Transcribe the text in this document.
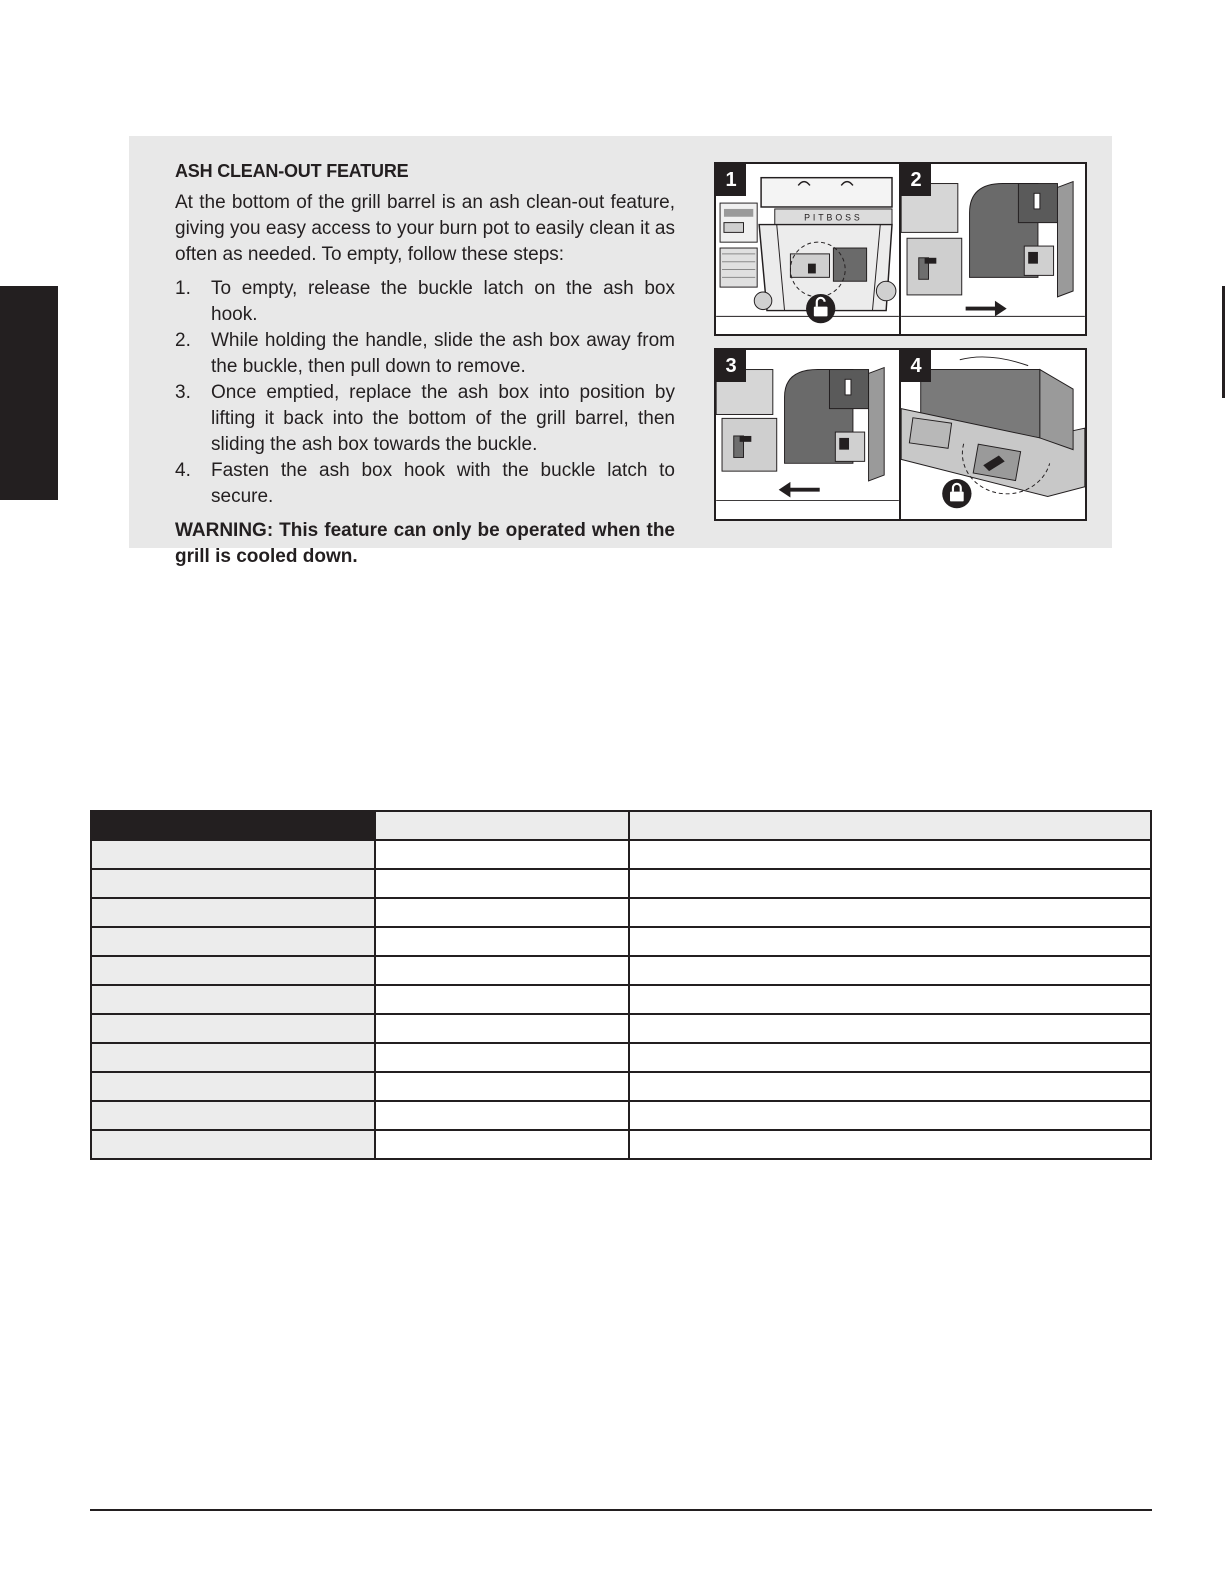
ASH CLEAN-OUT FEATURE

At the bottom of the grill barrel is an ash clean-out feature, giving you easy access to your burn pot to easily clean it as often as needed. To empty, follow these steps:

1.	To empty, release the buckle latch on the ash box hook.
2.	While holding the handle, slide the ash box away from the buckle, then pull down to remove.
3.	Once emptied, replace the ash box into position by lifting it back into the bottom of the grill barrel, then sliding the ash box towards the buckle.
4.	Fasten the ash box hook with the buckle latch to secure.

WARNING: This feature can only be operated when the grill is cooled down.

1
PITBOSS
2
3	4
